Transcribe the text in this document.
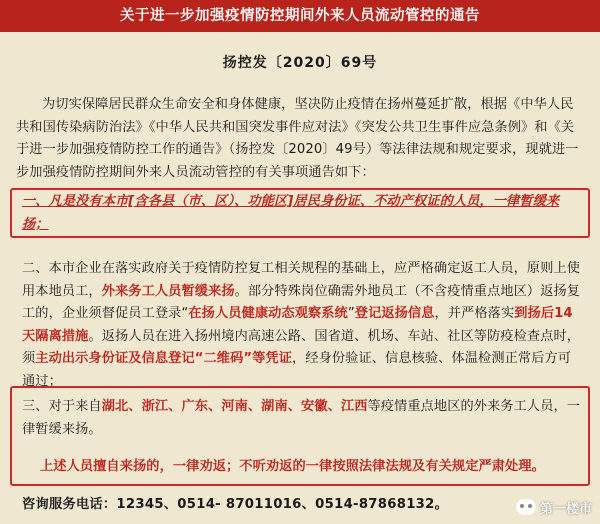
关于进一步加强疫情防控期间外来人员流动管控的通告
扬控发〔2020〕69号
为切实保障居民群众生命安全和身体健康，坚决防止疫情在扬州蔓延扩散，根据《中华人民共和国传染病防治法》《中华人民共和国突发事件应对法》《突发公共卫生事件应急条例》和《关于进一步加强疫情防控工作的通告》（扬控发〔2020〕49号）等法律法规和规定要求，现就进一步加强疫情防控期间外来人员流动管控的有关事项通告如下：
一、凡是没有本市[含各县（市、区）、功能区]居民身份证、不动产权证的人员，一律暂缓来扬；
二、本市企业在落实政府关于疫情防控复工相关规程的基础上，应严格确定返工人员，原则上使用本地员工，外来务工人员暂缓来扬。部分特殊岗位确需外地员工（不含疫情重点地区）返扬复工的，企业须督促员工登录“在扬人员健康动态观察系统”登记返扬信息，并严格落实到扬后14天隔离措施。返扬人员在进入扬州境内高速公路、国省道、机场、车站、社区等防疫检查点时，须主动出示身份证及信息登记“二维码”等凭证，经身份验证、信息核验、体温检测正常后方可通过；
三、对于来自湖北、浙江、广东、河南、湖南、安徽、江西等疫情重点地区的外来务工人员，一律暂缓来扬。
上述人员擅自来扬的，一律劝返；不听劝返的一律按照法律法规及有关规定严肃处理。
咨询服务电话：12345、0514- 87011016、0514-87868132。	第一楼市
